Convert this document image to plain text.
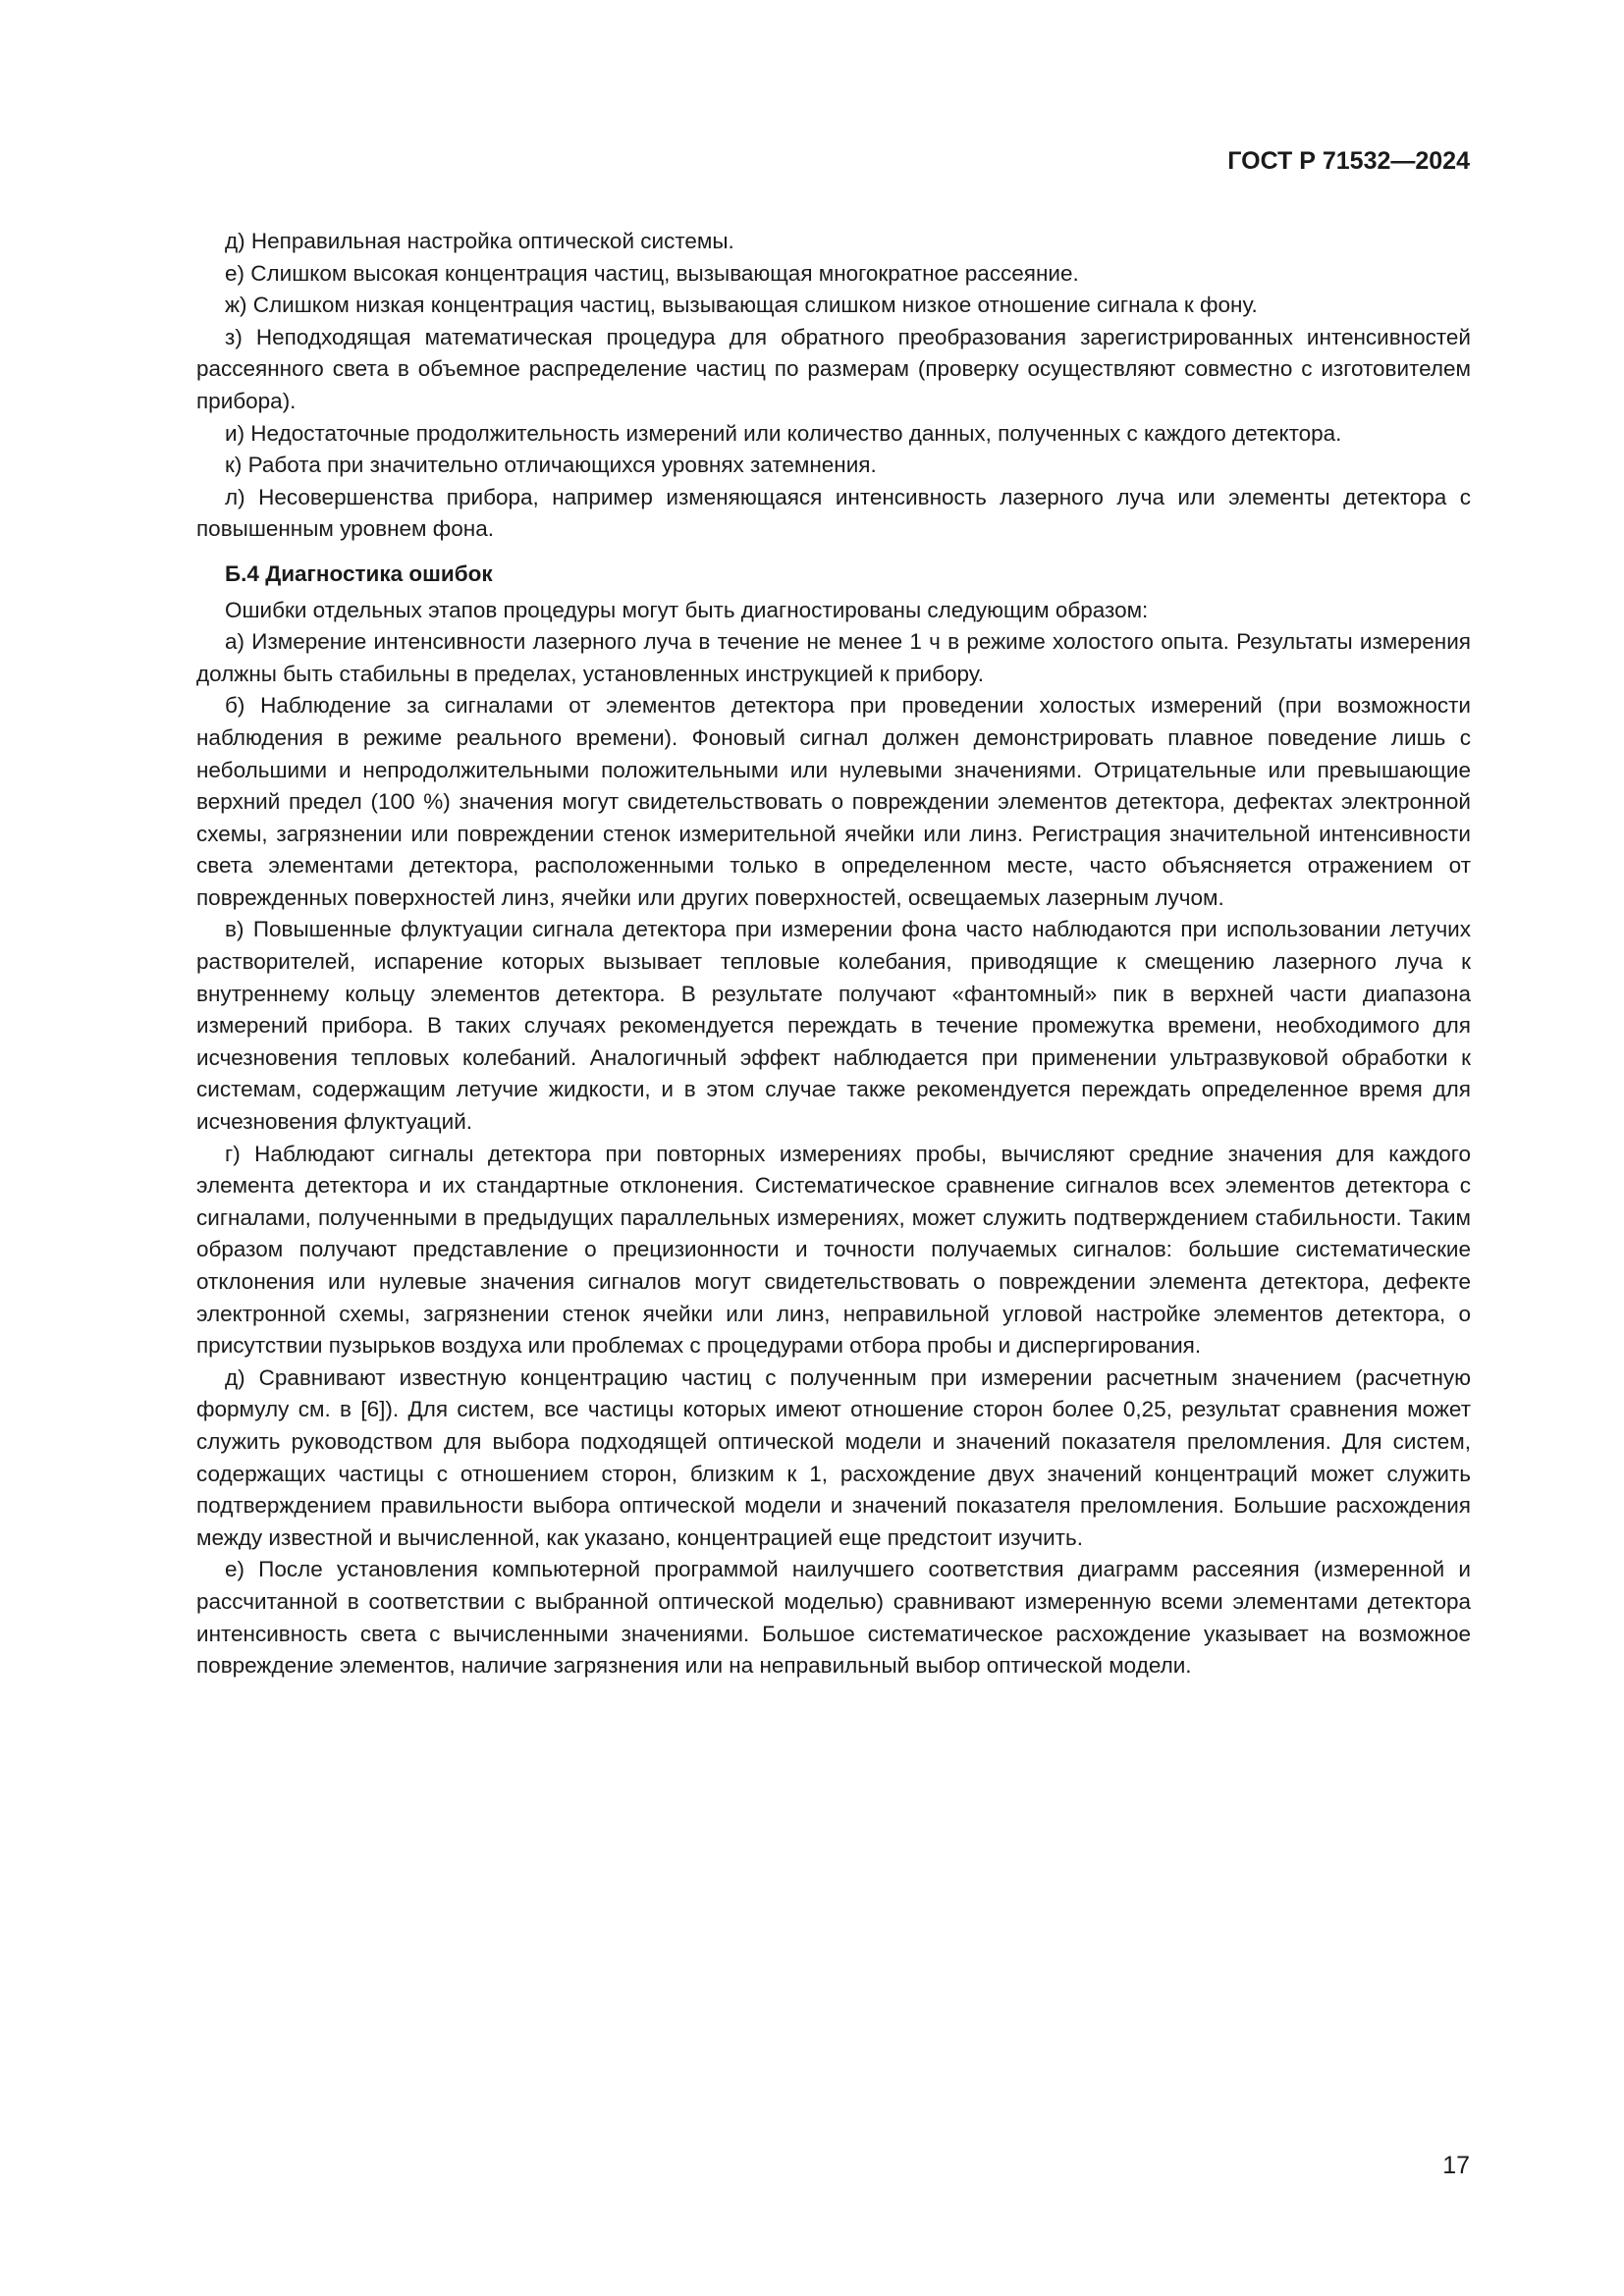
ГОСТ Р 71532—2024

д) Неправильная настройка оптической системы.

е) Слишком высокая концентрация частиц, вызывающая многократное рассеяние.

ж) Слишком низкая концентрация частиц, вызывающая слишком низкое отношение сигнала к фону.

з) Неподходящая математическая процедура для обратного преобразования зарегистрированных интенсивностей рассеянного света в объемное распределение частиц по размерам (проверку осуществляют совместно с изготовителем прибора).

и) Недостаточные продолжительность измерений или количество данных, полученных с каждого детектора.

к) Работа при значительно отличающихся уровнях затемнения.

л) Несовершенства прибора, например изменяющаяся интенсивность лазерного луча или элементы детектора с повышенным уровнем фона.

Б.4 Диагностика ошибок

Ошибки отдельных этапов процедуры могут быть диагностированы следующим образом:

а) Измерение интенсивности лазерного луча в течение не менее 1 ч в режиме холостого опыта. Результаты измерения должны быть стабильны в пределах, установленных инструкцией к прибору.

б) Наблюдение за сигналами от элементов детектора при проведении холостых измерений (при возможности наблюдения в режиме реального времени). Фоновый сигнал должен демонстрировать плавное поведение лишь с небольшими и непродолжительными положительными или нулевыми значениями. Отрицательные или превышающие верхний предел (100 %) значения могут свидетельствовать о повреждении элементов детектора, дефектах электронной схемы, загрязнении или повреждении стенок измерительной ячейки или линз. Регистрация значительной интенсивности света элементами детектора, расположенными только в определенном месте, часто объясняется отражением от поврежденных поверхностей линз, ячейки или других поверхностей, освещаемых лазерным лучом.

в) Повышенные флуктуации сигнала детектора при измерении фона часто наблюдаются при использовании летучих растворителей, испарение которых вызывает тепловые колебания, приводящие к смещению лазерного луча к внутреннему кольцу элементов детектора. В результате получают «фантомный» пик в верхней части диапазона измерений прибора. В таких случаях рекомендуется переждать в течение промежутка времени, необходимого для исчезновения тепловых колебаний. Аналогичный эффект наблюдается при применении ультразвуковой обработки к системам, содержащим летучие жидкости, и в этом случае также рекомендуется переждать определенное время для исчезновения флуктуаций.

г) Наблюдают сигналы детектора при повторных измерениях пробы, вычисляют средние значения для каждого элемента детектора и их стандартные отклонения. Систематическое сравнение сигналов всех элементов детектора с сигналами, полученными в предыдущих параллельных измерениях, может служить подтверждением стабильности. Таким образом получают представление о прецизионности и точности получаемых сигналов: большие систематические отклонения или нулевые значения сигналов могут свидетельствовать о повреждении элемента детектора, дефекте электронной схемы, загрязнении стенок ячейки или линз, неправильной угловой настройке элементов детектора, о присутствии пузырьков воздуха или проблемах с процедурами отбора пробы и диспергирования.

д) Сравнивают известную концентрацию частиц с полученным при измерении расчетным значением (расчетную формулу см. в [6]). Для систем, все частицы которых имеют отношение сторон более 0,25, результат сравнения может служить руководством для выбора подходящей оптической модели и значений показателя преломления. Для систем, содержащих частицы с отношением сторон, близким к 1, расхождение двух значений концентраций может служить подтверждением правильности выбора оптической модели и значений показателя преломления. Большие расхождения между известной и вычисленной, как указано, концентрацией еще предстоит изучить.

е) После установления компьютерной программой наилучшего соответствия диаграмм рассеяния (измеренной и рассчитанной в соответствии с выбранной оптической моделью) сравнивают измеренную всеми элементами детектора интенсивность света с вычисленными значениями. Большое систематическое расхождение указывает на возможное повреждение элементов, наличие загрязнения или на неправильный выбор оптической модели.

17
